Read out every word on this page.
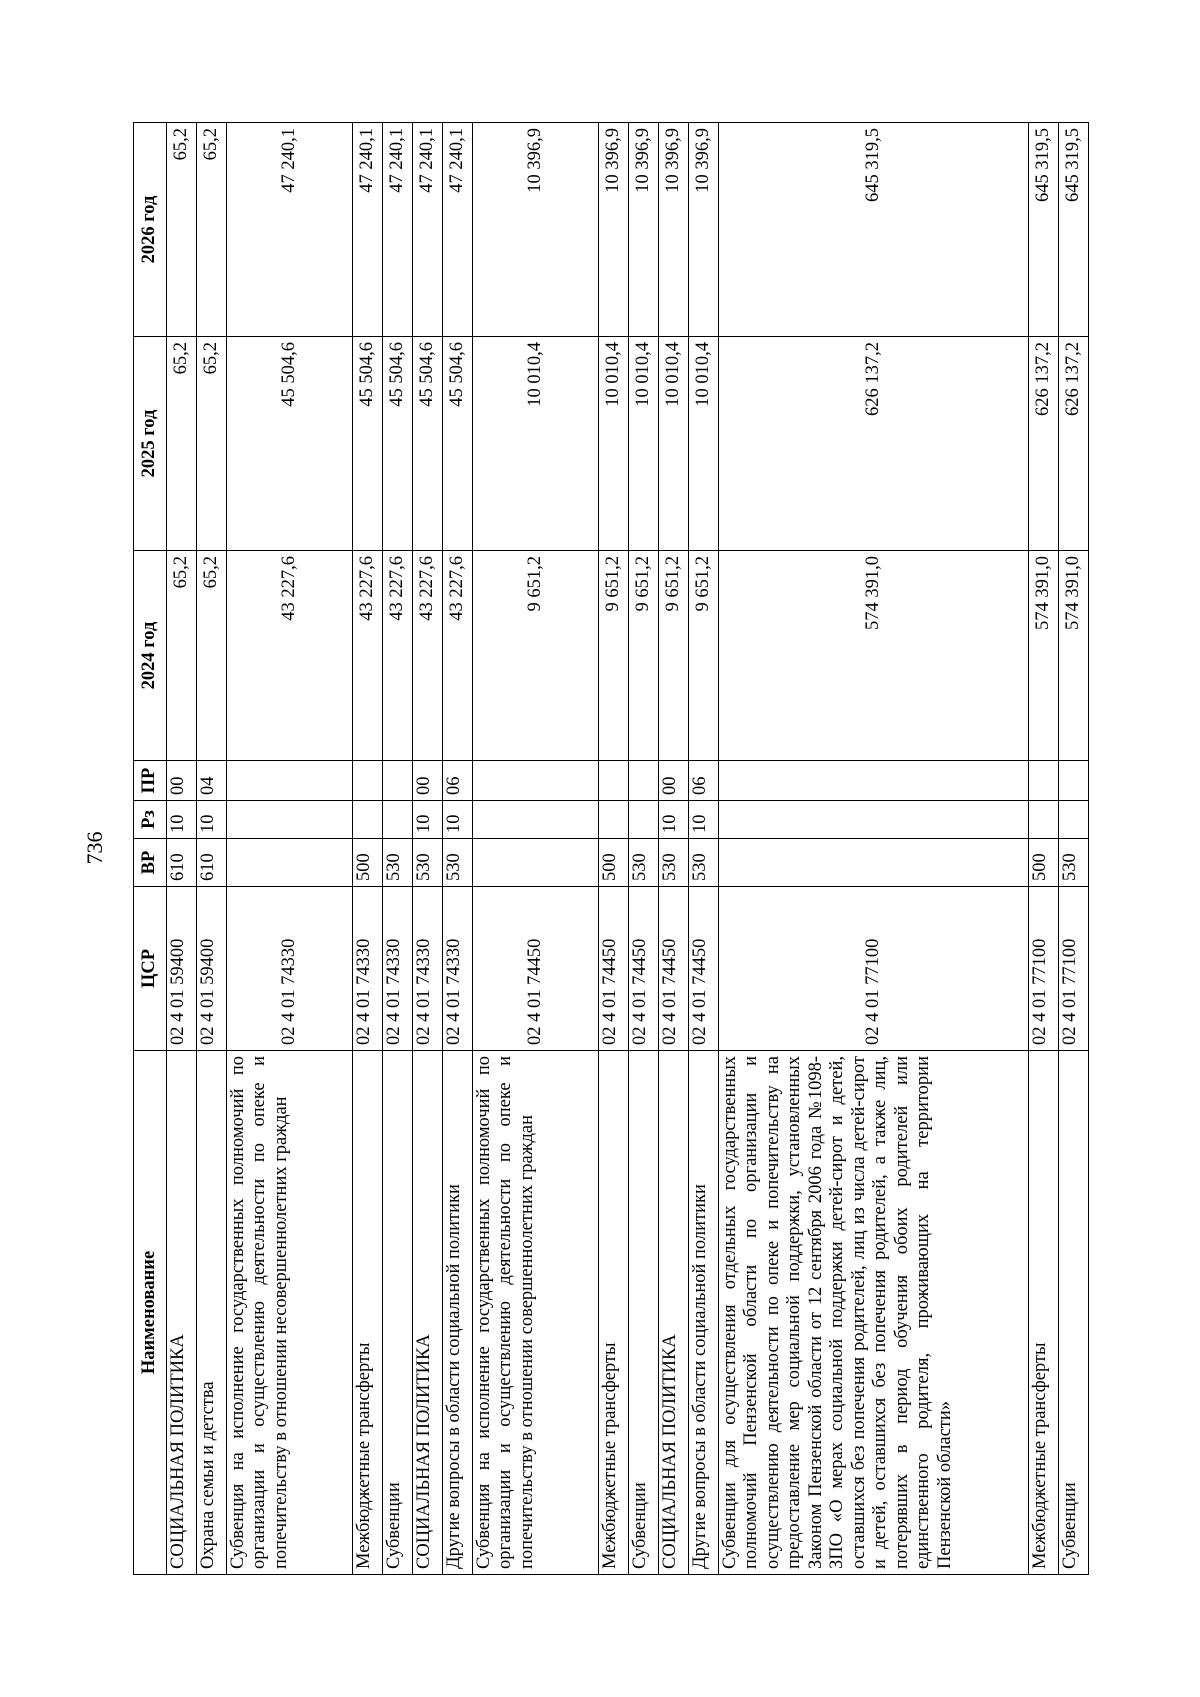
736
Наименование	ЦСР	ВР	Рз	ПР	2024 год	2025 год	2026 год
СОЦИАЛЬНАЯ ПОЛИТИКА	02 4 01 59400	610	10	00	65,2	65,2	65,2
Охрана семьи и детства	02 4 01 59400	610	10	04	65,2	65,2	65,2
Субвенция на исполнение государственных полномочий по организации и осуществлению деятельности по опеке и попечительству в отношении несовершеннолетних граждан	02 4 01 74330				43 227,6	45 504,6	47 240,1
Межбюджетные трансферты	02 4 01 74330	500			43 227,6	45 504,6	47 240,1
Субвенции	02 4 01 74330	530			43 227,6	45 504,6	47 240,1
СОЦИАЛЬНАЯ ПОЛИТИКА	02 4 01 74330	530	10	00	43 227,6	45 504,6	47 240,1
Другие вопросы в области социальной политики	02 4 01 74330	530	10	06	43 227,6	45 504,6	47 240,1
Субвенция на исполнение государственных полномочий по организации и осуществлению деятельности по опеке и попечительству в отношении совершеннолетних граждан	02 4 01 74450				9 651,2	10 010,4	10 396,9
Межбюджетные трансферты	02 4 01 74450	500			9 651,2	10 010,4	10 396,9
Субвенции	02 4 01 74450	530			9 651,2	10 010,4	10 396,9
СОЦИАЛЬНАЯ ПОЛИТИКА	02 4 01 74450	530	10	00	9 651,2	10 010,4	10 396,9
Другие вопросы в области социальной политики	02 4 01 74450	530	10	06	9 651,2	10 010,4	10 396,9
Субвенции для осуществления отдельных государственных полномочий Пензенской области по организации и осуществлению деятельности по опеке и попечительству на предоставление мер социальной поддержки, установленных Законом Пензенской области от 12 сентября 2006 года №1098-ЗПО «О мерах социальной поддержки детей-сирот и детей, оставшихся без попечения родителей, лиц из числа детей-сирот и детей, оставшихся без попечения родителей, а также лиц, потерявших в период обучения обоих родителей или единственного родителя, проживающих на территории Пензенской области»	02 4 01 77100				574 391,0	626 137,2	645 319,5
Межбюджетные трансферты	02 4 01 77100	500			574 391,0	626 137,2	645 319,5
Субвенции	02 4 01 77100	530			574 391,0	626 137,2	645 319,5
